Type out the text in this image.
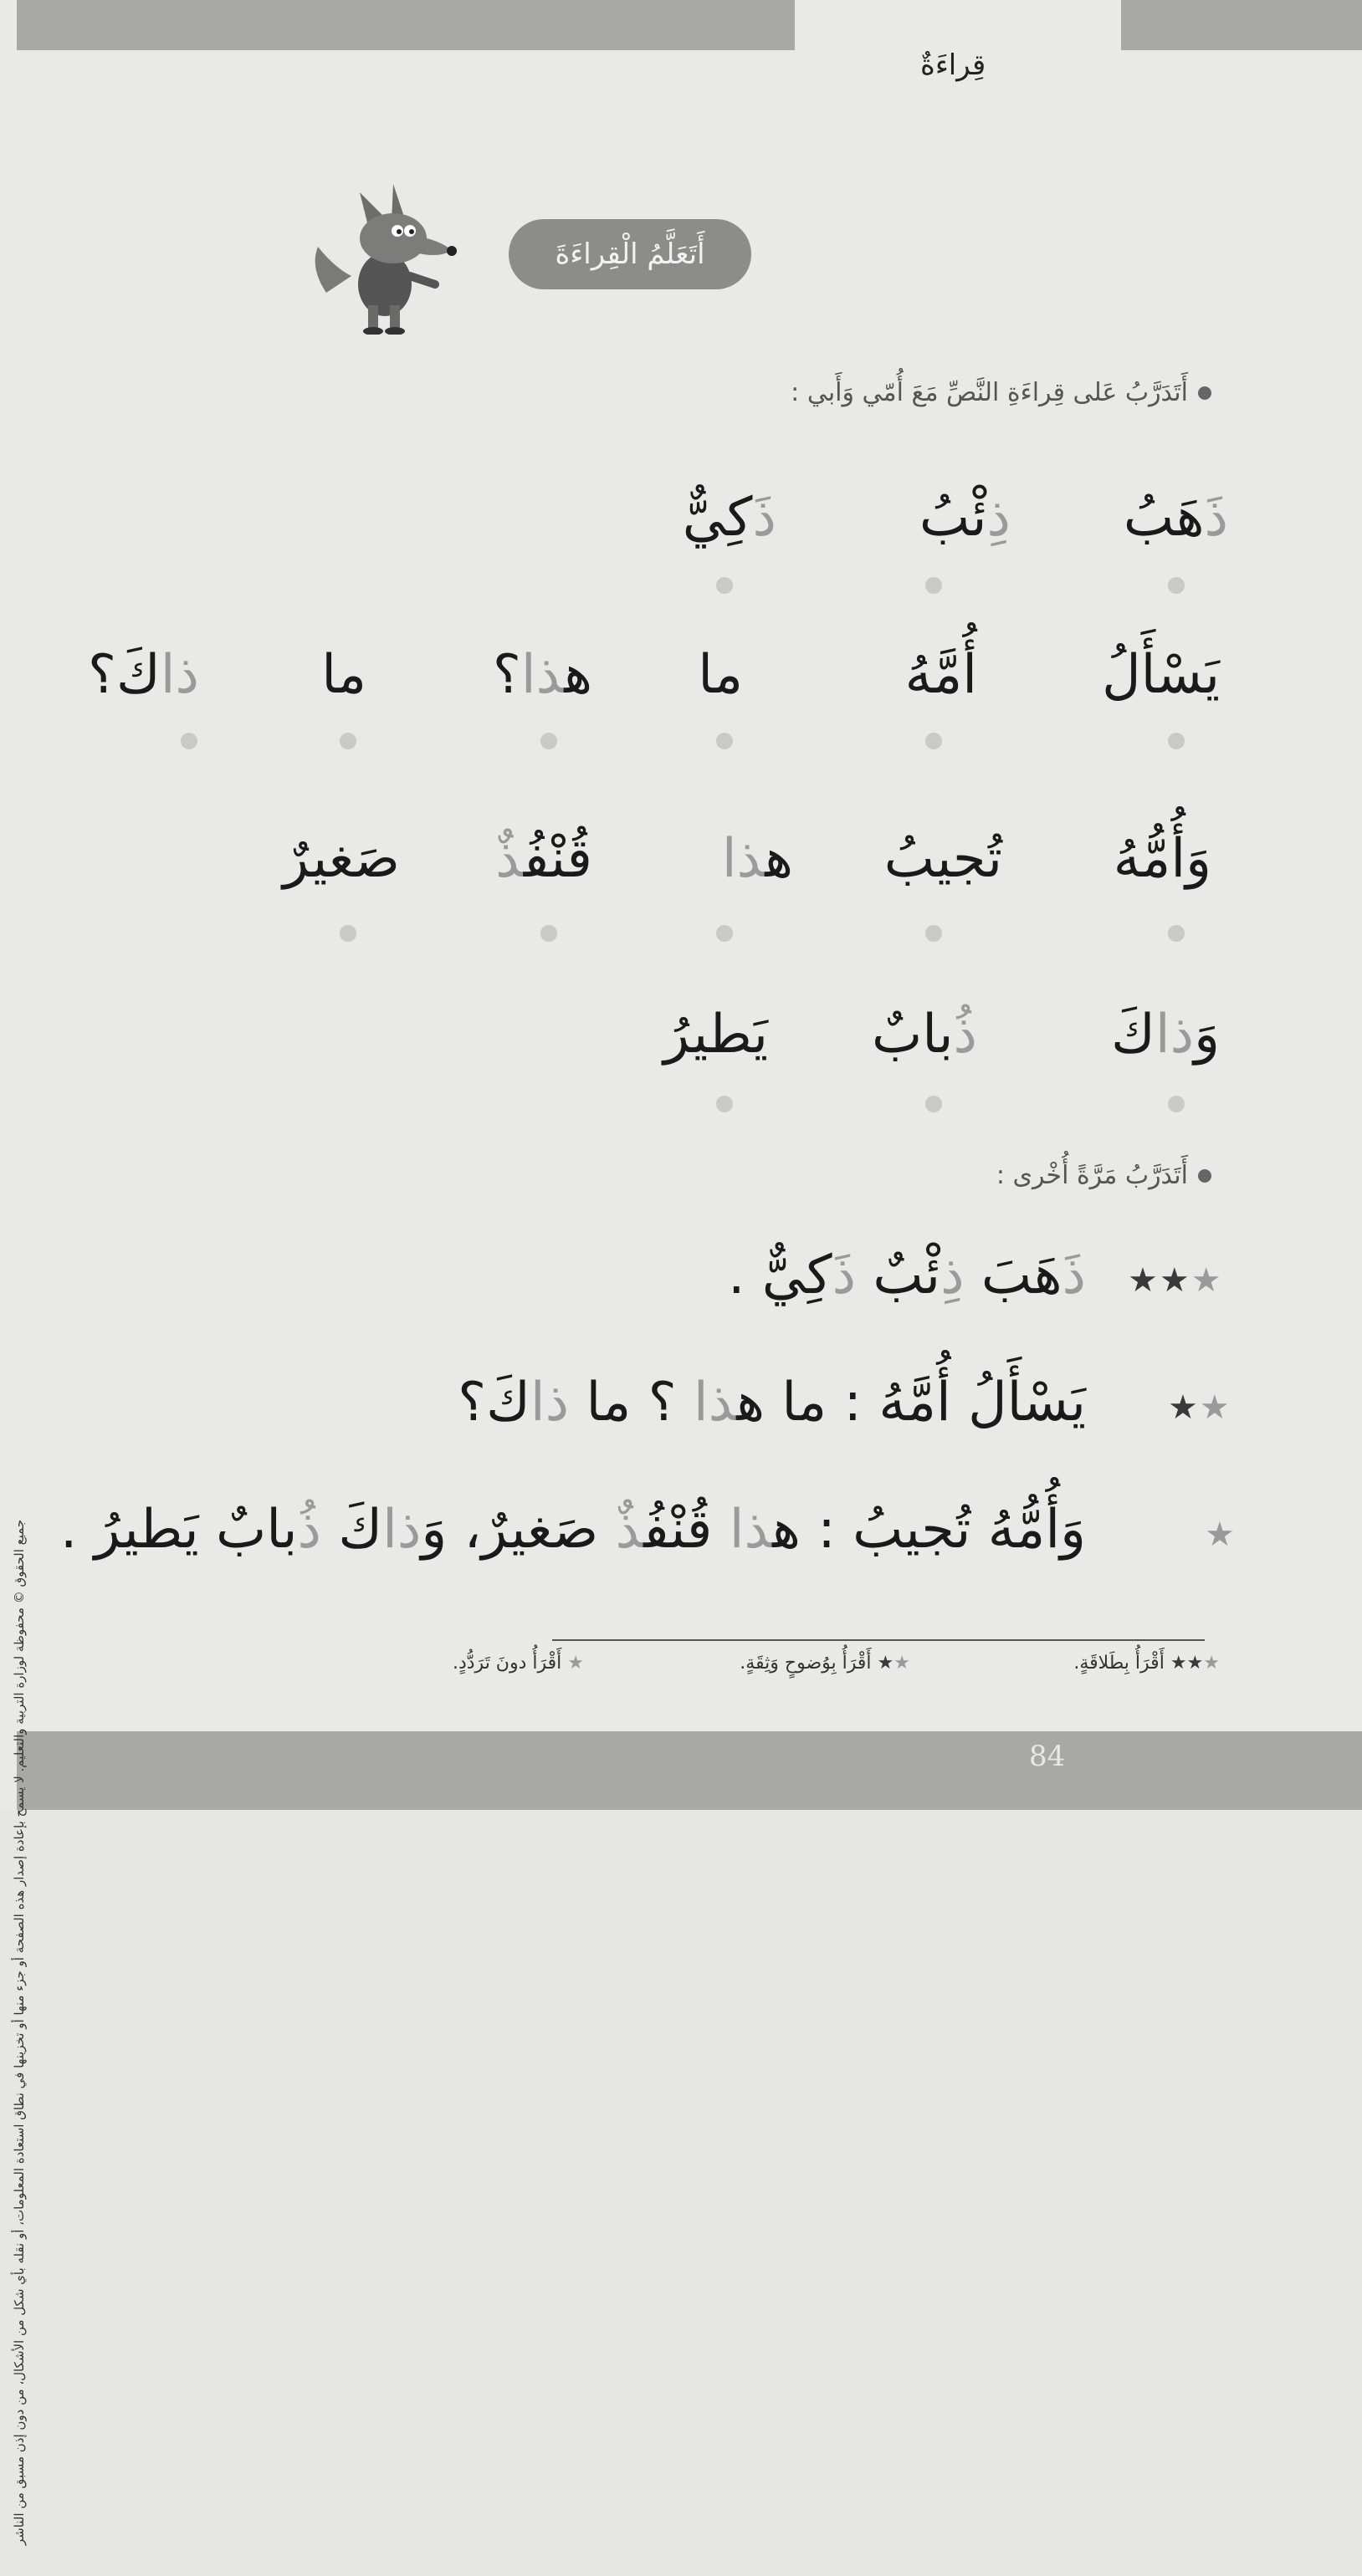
84
قِراءَةٌ
جميع الحقوق © محفوظة لوزارة التربية والتعليم. لا يسمح بإعادة إصدار هذه الصفحة أو جزء منها أو تخزينها في نطاق استعادة المعلومات، أو نقله بأي شكل من الأشكال، من دون إذن مسبق من الناشر
أَتَعَلَّمُ الْقِراءَةَ
أَتَدَرَّبُ عَلى قِراءَةِ النَّصِّ مَعَ أُمّي وَأَبي :
ذَهَبُ
ذِئْبُ
ذَكِيٌّ
يَسْأَلُ
أُمَّهُ
ما
هذا؟
ما
ذاكَ؟
وَأُمُّهُ
تُجيبُ
هذا
قُنْفُذٌ
صَغيرٌ
وَذاكَ
ذُبابٌ
يَطيرُ
أَتَدَرَّبُ مَرَّةً أُخْرى :
★★★
ذَهَبَ ذِئْبٌ ذَكِيٌّ .
★★
يَسْأَلُ أُمَّهُ : ما هذا ؟ ما ذاكَ؟
★
وَأُمُّهُ تُجيبُ : هذا قُنْفُذٌ صَغيرٌ، وَذاكَ ذُبابٌ يَطيرُ .
★★★ أَقْرَأُ بِطَلاقَةٍ.
★★ أَقْرَأُ بِوُضوحٍ وَثِقَةٍ.
★ أَقْرَأُ دونَ تَرَدُّدٍ.
